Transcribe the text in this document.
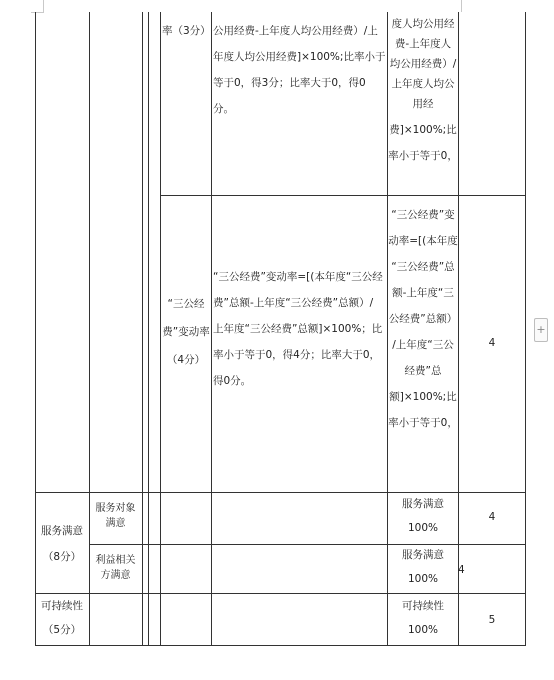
率（3分） 公用经费-上年度人均公用经费）/上
年度人均公用经费]×100%;比率小于
等于0，得3分；比率大于0，得0
分。
度人均公用经
费-上年度人
均公用经费）/
上年度人均公
用经
费]×100%;比
率小于等于0，
“三公经
费”变动率
（4分）
“三公经费”变动率=[(本年度“三公经
费”总额-上年度“三公经费”总额）/
上年度“三公经费”总额]×100%；比
率小于等于0，得4分；比率大于0，
得0分。
“三公经费”变
动率=[(本年度
“三公经费”总
额-上年度“三
公经费”总额）
/上年度“三公
经费”总
额]×100%;比
率小于等于0，
4
服务满意
（8分）
服务对象
满意
服务满意
100%
4
利益相关
方满意
服务满意
100%
4
可持续性
（5分）
可持续性
100%
5
+
